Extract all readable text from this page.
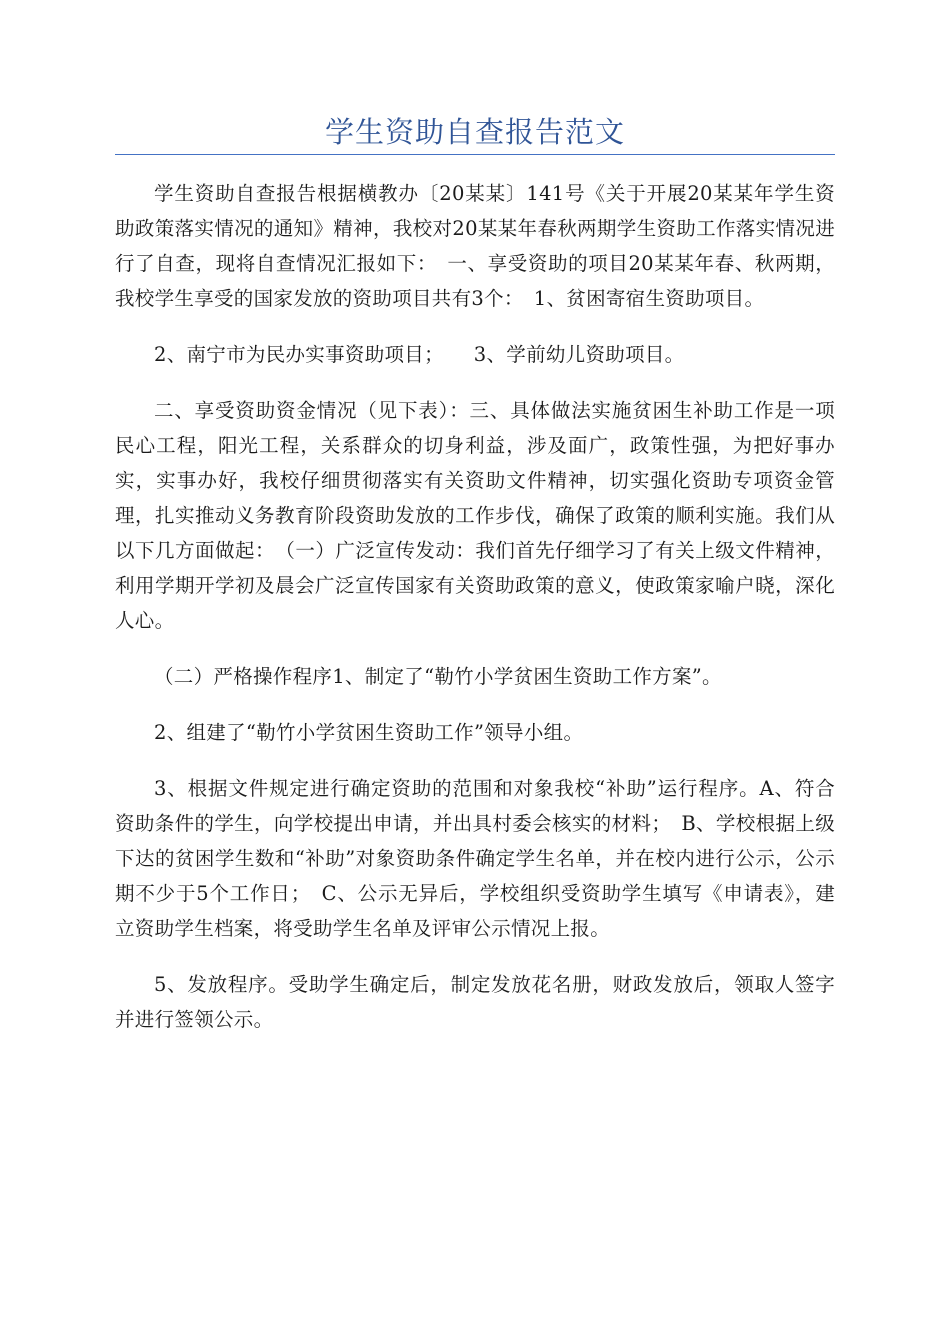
学生资助自查报告范文

学生资助自查报告根据横教办〔20某某〕141号《关于开展20某某年学生资助政策落实情况的通知》精神，我校对20某某年春秋两期学生资助工作落实情况进行了自查，现将自查情况汇报如下：　一、享受资助的项目20某某年春、秋两期，我校学生享受的国家发放的资助项目共有3个：　1、贫困寄宿生资助项目。

2、南宁市为民办实事资助项目；　　3、学前幼儿资助项目。

二、享受资助资金情况（见下表）：三、具体做法实施贫困生补助工作是一项民心工程，阳光工程，关系群众的切身利益，涉及面广，政策性强，为把好事办实，实事办好，我校仔细贯彻落实有关资助文件精神，切实强化资助专项资金管理，扎实推动义务教育阶段资助发放的工作步伐，确保了政策的顺利实施。我们从以下几方面做起：　（一）广泛宣传发动：我们首先仔细学习了有关上级文件精神，利用学期开学初及晨会广泛宣传国家有关资助政策的意义，使政策家喻户晓，深化人心。

（二）严格操作程序1、制定了“勒竹小学贫困生资助工作方案”。

2、组建了“勒竹小学贫困生资助工作”领导小组。

3、根据文件规定进行确定资助的范围和对象我校“补助”运行程序。A、符合资助条件的学生，向学校提出申请，并出具村委会核实的材料；　B、学校根据上级下达的贫困学生数和“补助”对象资助条件确定学生名单，并在校内进行公示，公示期不少于5个工作日；　C、公示无异后，学校组织受资助学生填写《申请表》，建立资助学生档案，将受助学生名单及评审公示情况上报。

5、发放程序。受助学生确定后，制定发放花名册，财政发放后，领取人签字并进行签领公示。
